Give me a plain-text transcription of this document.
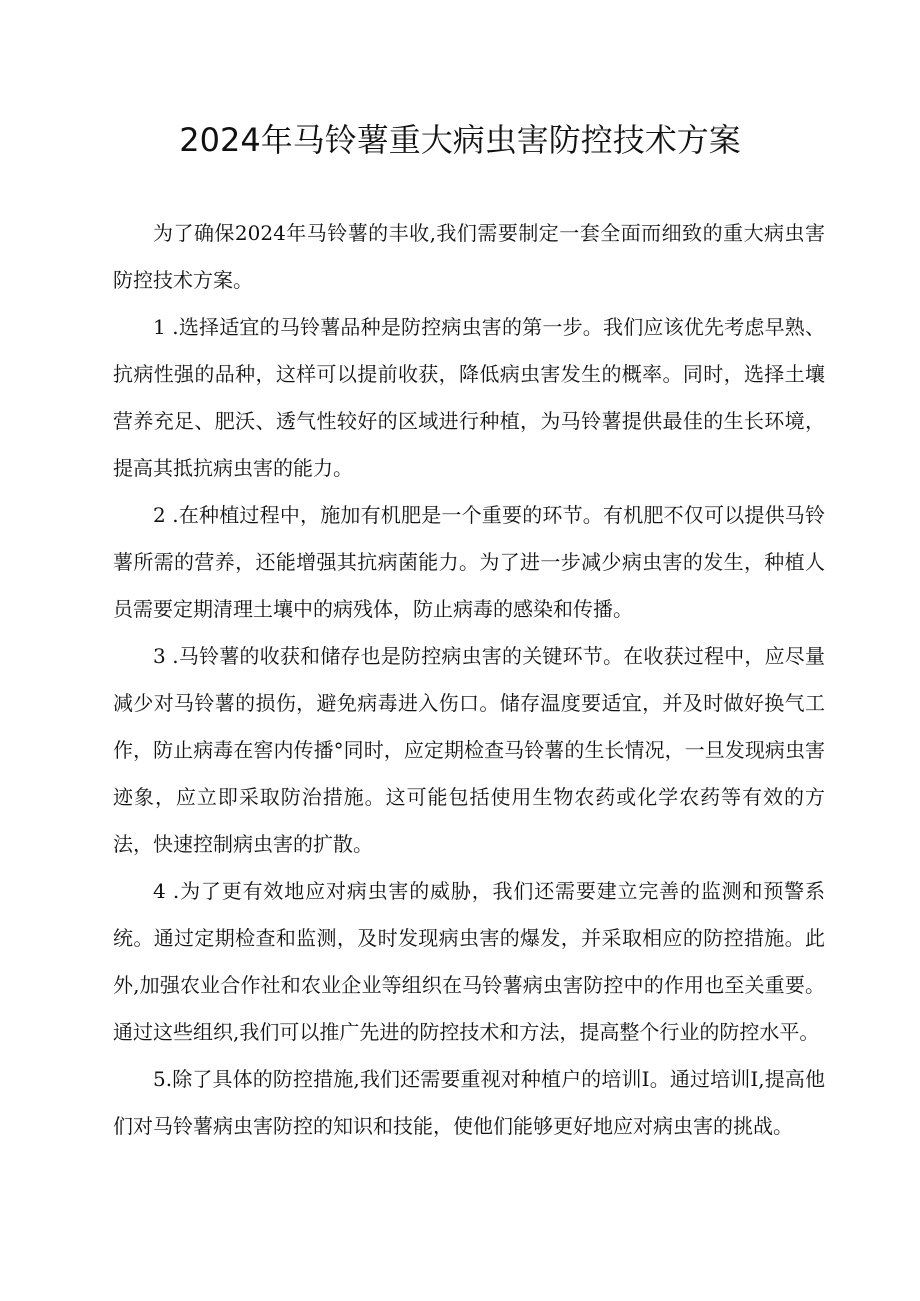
2024年马铃薯重大病虫害防控技术方案

为了确保2024年马铃薯的丰收,我们需要制定一套全面而细致的重大病虫害防控技术方案。

1 .选择适宜的马铃薯品种是防控病虫害的第一步。我们应该优先考虑早熟、抗病性强的品种，这样可以提前收获，降低病虫害发生的概率。同时，选择土壤营养充足、肥沃、透气性较好的区域进行种植，为马铃薯提供最佳的生长环境，提高其抵抗病虫害的能力。

2 .在种植过程中，施加有机肥是一个重要的环节。有机肥不仅可以提供马铃薯所需的营养，还能增强其抗病菌能力。为了进一步减少病虫害的发生，种植人员需要定期清理土壤中的病残体，防止病毒的感染和传播。

3 .马铃薯的收获和储存也是防控病虫害的关键环节。在收获过程中，应尽量减少对马铃薯的损伤，避免病毒进入伤口。储存温度要适宜，并及时做好换气工作，防止病毒在窖内传播°同时，应定期检查马铃薯的生长情况，一旦发现病虫害迹象，应立即采取防治措施。这可能包括使用生物农药或化学农药等有效的方法，快速控制病虫害的扩散。

4 .为了更有效地应对病虫害的威胁，我们还需要建立完善的监测和预警系统。通过定期检查和监测，及时发现病虫害的爆发，并采取相应的防控措施。此外,加强农业合作社和农业企业等组织在马铃薯病虫害防控中的作用也至关重要。通过这些组织,我们可以推广先进的防控技术和方法，提高整个行业的防控水平。

5.除了具体的防控措施,我们还需要重视对种植户的培训I。通过培训I,提高他们对马铃薯病虫害防控的知识和技能，使他们能够更好地应对病虫害的挑战。
